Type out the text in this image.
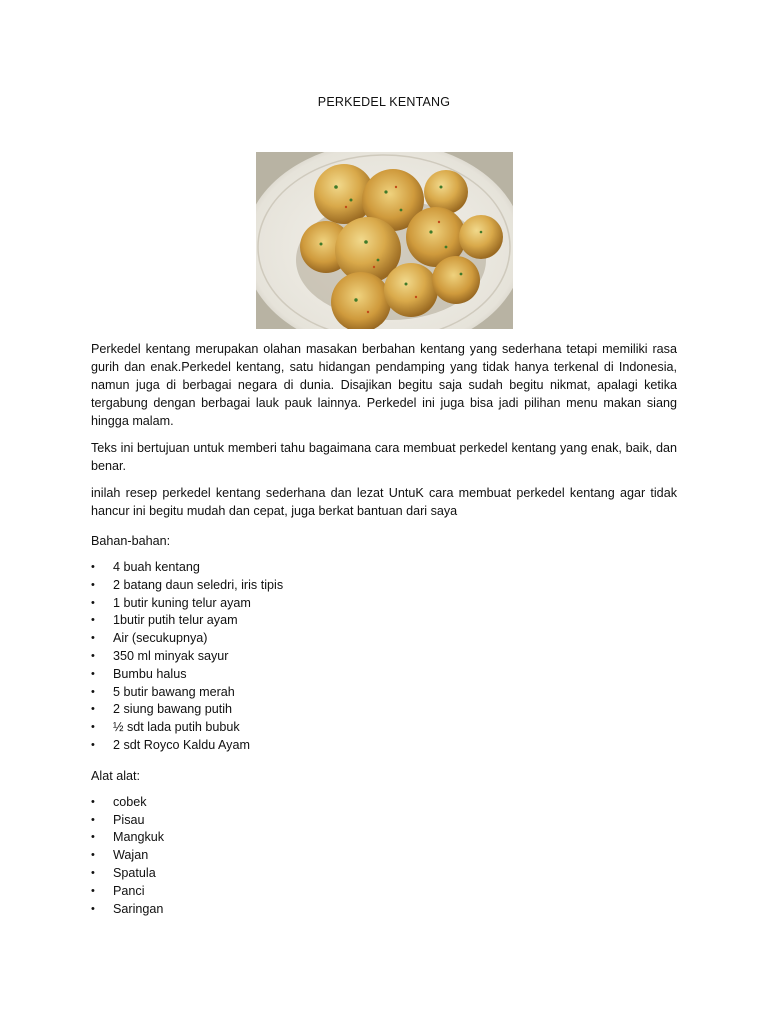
PERKEDEL KENTANG

Perkedel kentang merupakan olahan masakan berbahan kentang yang sederhana tetapi memiliki rasa gurih dan enak.Perkedel kentang, satu hidangan pendamping yang tidak hanya terkenal di Indonesia, namun juga di berbagai negara di dunia. Disajikan begitu saja sudah begitu nikmat, apalagi ketika tergabung dengan berbagai lauk pauk lainnya. Perkedel ini juga bisa jadi pilihan menu makan siang hingga malam.

Teks ini bertujuan untuk memberi tahu bagaimana cara membuat perkedel kentang yang enak, baik, dan benar.

inilah resep perkedel kentang sederhana dan lezat UntuK cara membuat perkedel kentang agar tidak hancur ini begitu mudah dan cepat, juga berkat bantuan dari saya

Bahan-bahan:

• 4 buah kentang
• 2 batang daun seledri, iris tipis
• 1 butir kuning telur ayam
• 1butir putih telur ayam
• Air (secukupnya)
• 350 ml minyak sayur
• Bumbu halus
• 5 butir bawang merah
• 2 siung bawang putih
• ½ sdt lada putih bubuk
• 2 sdt Royco Kaldu Ayam

Alat alat:

• cobek
• Pisau
• Mangkuk
• Wajan
• Spatula
• Panci
• Saringan
